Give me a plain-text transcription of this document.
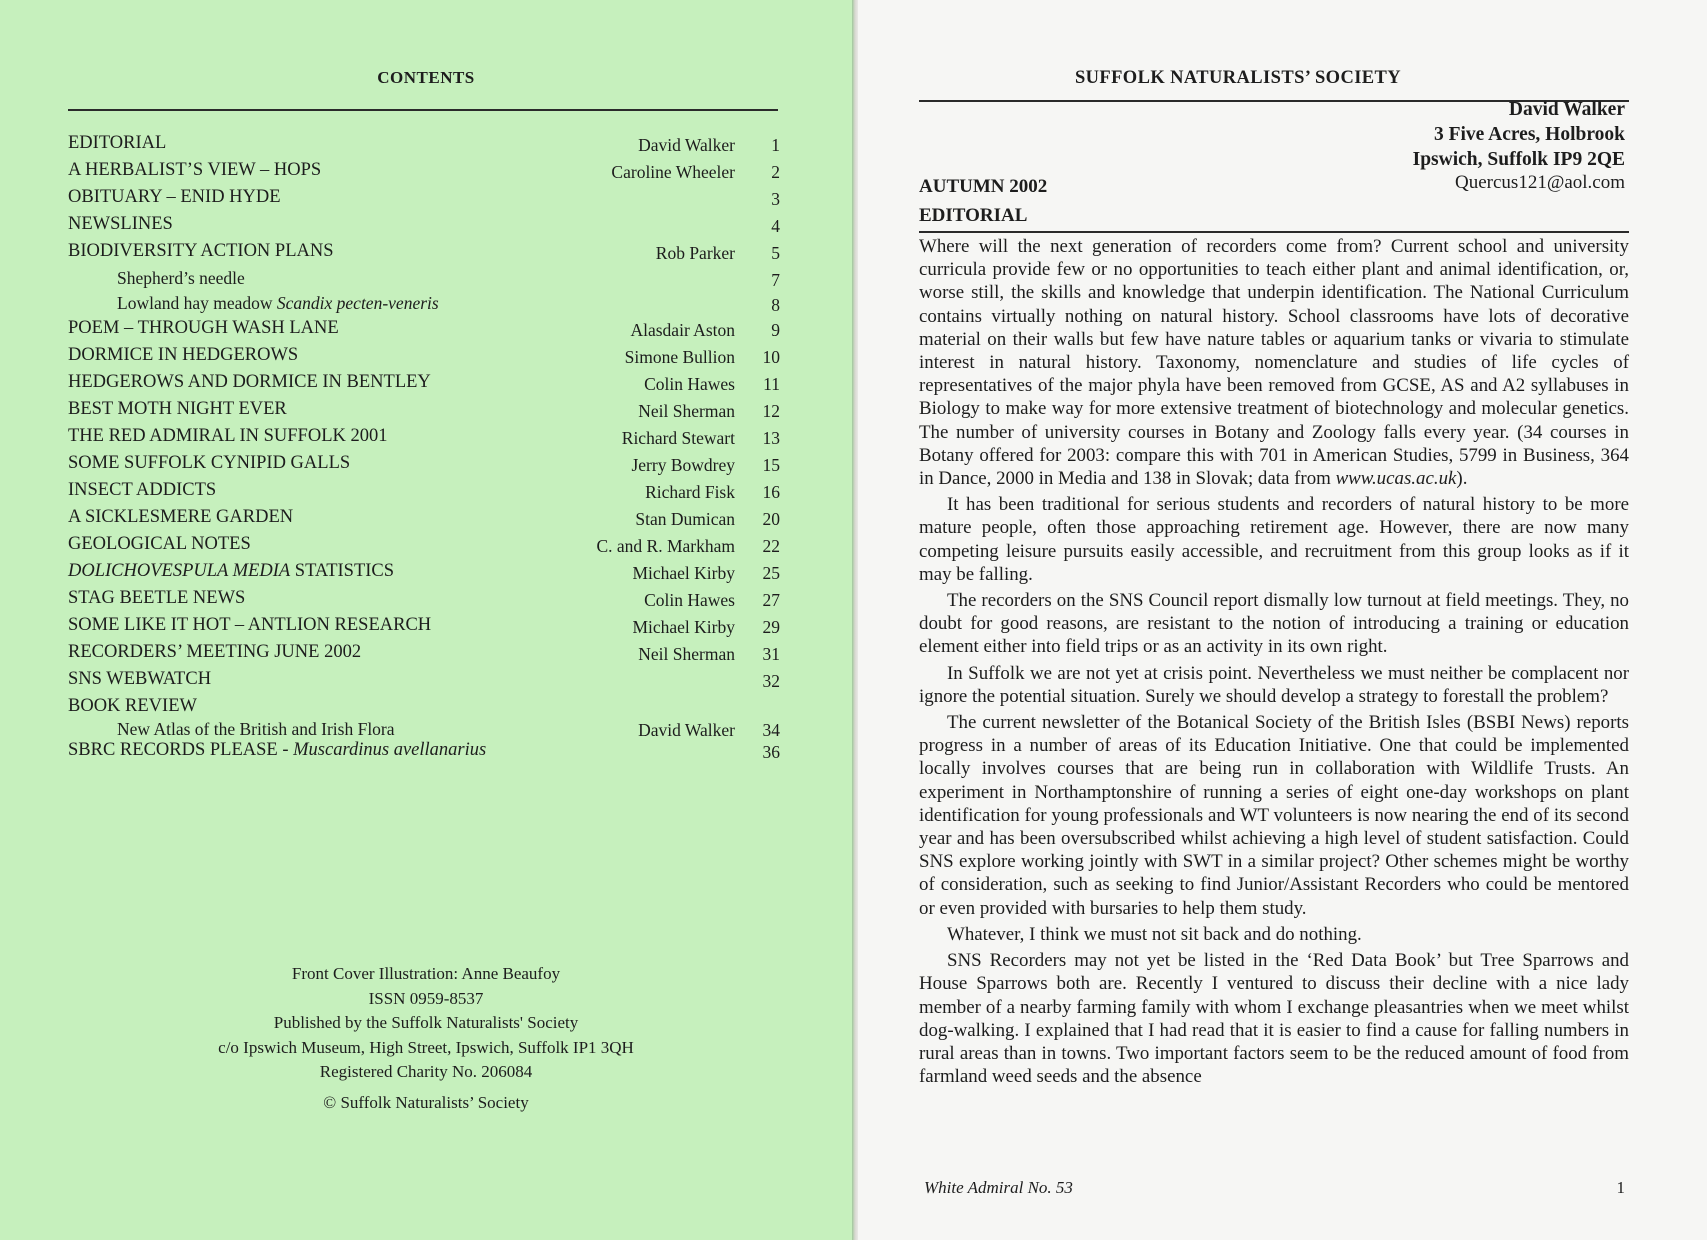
CONTENTS
EDITORIAL	David Walker	1
A HERBALIST’S VIEW – HOPS	Caroline Wheeler	2
OBITUARY – ENID HYDE	3
NEWSLINES	4
BIODIVERSITY ACTION PLANS	Rob Parker	5
Shepherd’s needle	7
Lowland hay meadow Scandix pecten-veneris	8
POEM – THROUGH WASH LANE	Alasdair Aston	9
DORMICE IN HEDGEROWS	Simone Bullion	10
HEDGEROWS AND DORMICE IN BENTLEY	Colin Hawes	11
BEST MOTH NIGHT EVER	Neil Sherman	12
THE RED ADMIRAL IN SUFFOLK 2001	Richard Stewart	13
SOME SUFFOLK CYNIPID GALLS	Jerry Bowdrey	15
INSECT ADDICTS	Richard Fisk	16
A SICKLESMERE GARDEN	Stan Dumican	20
GEOLOGICAL NOTES	C. and R. Markham	22
DOLICHOVESPULA MEDIA STATISTICS	Michael Kirby	25
STAG BEETLE NEWS	Colin Hawes	27
SOME LIKE IT HOT – ANTLION RESEARCH	Michael Kirby	29
RECORDERS’ MEETING JUNE 2002	Neil Sherman	31
SNS WEBWATCH	32
BOOK REVIEW
New Atlas of the British and Irish Flora	David Walker	34
SBRC RECORDS PLEASE - Muscardinus avellanarius	36
Front Cover Illustration: Anne Beaufoy
ISSN 0959-8537
Published by the Suffolk Naturalists' Society
c/o Ipswich Museum, High Street, Ipswich, Suffolk IP1 3QH
Registered Charity No. 206084
© Suffolk Naturalists’ Society
SUFFOLK NATURALISTS’ SOCIETY
David Walker
3 Five Acres, Holbrook
Ipswich, Suffolk IP9 2QE
Quercus121@aol.com
AUTUMN 2002
EDITORIAL

Where will the next generation of recorders come from? Current school and university curricula provide few or no opportunities to teach either plant and animal identification, or, worse still, the skills and knowledge that underpin identification. The National Curriculum contains virtually nothing on natural history. School classrooms have lots of decorative material on their walls but few have nature tables or aquarium tanks or vivaria to stimulate interest in natural history. Taxonomy, nomenclature and studies of life cycles of representatives of the major phyla have been removed from GCSE, AS and A2 syllabuses in Biology to make way for more extensive treatment of biotechnology and molecular genetics. The number of university courses in Botany and Zoology falls every year. (34 courses in Botany offered for 2003: compare this with 701 in American Studies, 5799 in Business, 364 in Dance, 2000 in Media and 138 in Slovak; data from www.ucas.ac.uk).

It has been traditional for serious students and recorders of natural history to be more mature people, often those approaching retirement age. However, there are now many competing leisure pursuits easily accessible, and recruitment from this group looks as if it may be falling.

The recorders on the SNS Council report dismally low turnout at field meetings. They, no doubt for good reasons, are resistant to the notion of introducing a training or education element either into field trips or as an activity in its own right.

In Suffolk we are not yet at crisis point. Nevertheless we must neither be complacent nor ignore the potential situation. Surely we should develop a strategy to forestall the problem?

The current newsletter of the Botanical Society of the British Isles (BSBI News) reports progress in a number of areas of its Education Initiative. One that could be implemented locally involves courses that are being run in collaboration with Wildlife Trusts. An experiment in Northamptonshire of running a series of eight one-day workshops on plant identification for young professionals and WT volunteers is now nearing the end of its second year and has been oversubscribed whilst achieving a high level of student satisfaction. Could SNS explore working jointly with SWT in a similar project? Other schemes might be worthy of consideration, such as seeking to find Junior/Assistant Recorders who could be mentored or even provided with bursaries to help them study.

Whatever, I think we must not sit back and do nothing.

SNS Recorders may not yet be listed in the ‘Red Data Book’ but Tree Sparrows and House Sparrows both are. Recently I ventured to discuss their decline with a nice lady member of a nearby farming family with whom I exchange pleasantries when we meet whilst dog-walking. I explained that I had read that it is easier to find a cause for falling numbers in rural areas than in towns. Two important factors seem to be the reduced amount of food from farmland weed seeds and the absence

White Admiral No. 53	1
